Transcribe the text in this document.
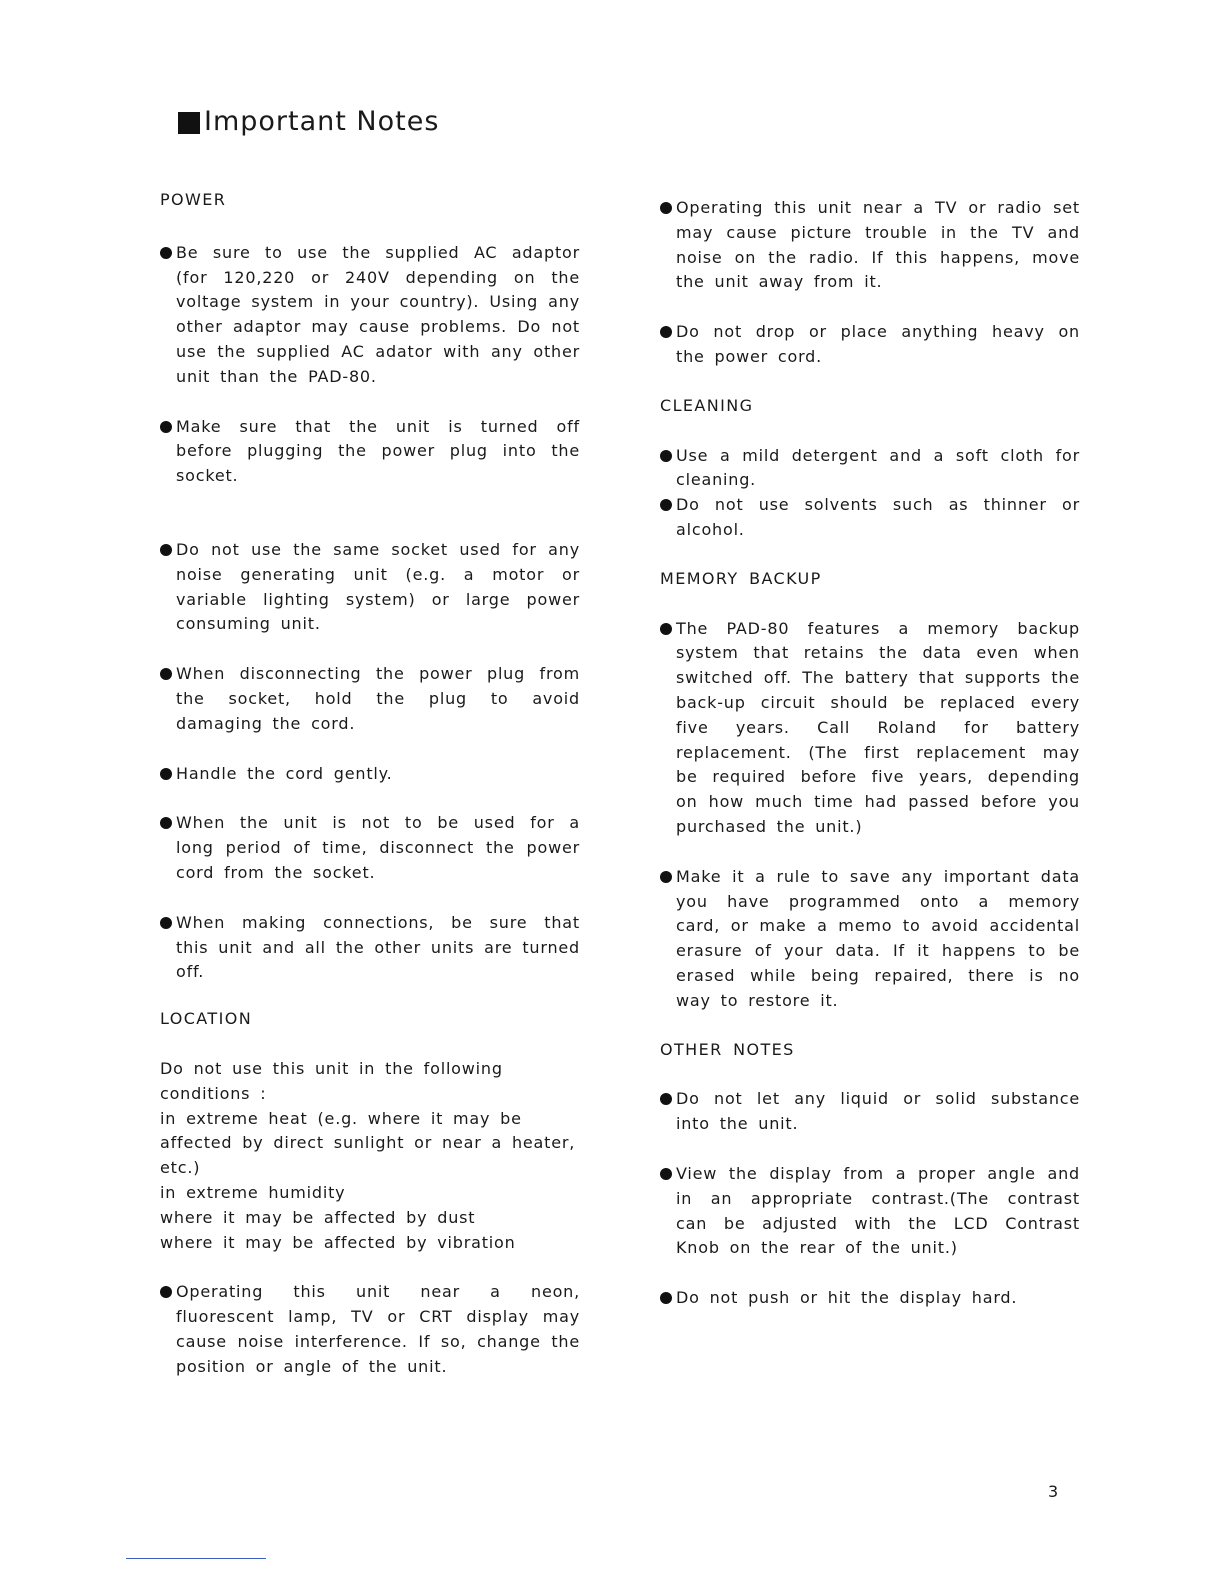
Important Notes

POWER

Be sure to use the supplied AC adaptor (for 120,220 or 240V depending on the voltage system in your country). Using any other adaptor may cause problems. Do not use the supplied AC adator with any other unit than the PAD-80.

Make sure that the unit is turned off before plugging the power plug into the socket.

Do not use the same socket used for any noise generating unit (e.g. a motor or variable lighting system) or large power consuming unit.

When disconnecting the power plug from the socket, hold the plug to avoid damaging the cord.

Handle the cord gently.

When the unit is not to be used for a long period of time, disconnect the power cord from the socket.

When making connections, be sure that this unit and all the other units are turned off.

LOCATION

Do not use this unit in the following conditions :

in extreme heat (e.g. where it may be affected by direct sunlight or near a heater, etc.)

in extreme humidity

where it may be affected by dust

where it may be affected by vibration

Operating this unit near a neon, fluorescent lamp, TV or CRT display may cause noise interference. If so, change the position or angle of the unit.

Operating this unit near a TV or radio set may cause picture trouble in the TV and noise on the radio. If this happens, move the unit away from it.

Do not drop or place anything heavy on the power cord.

CLEANING

Use a mild detergent and a soft cloth for cleaning.

Do not use solvents such as thinner or alcohol.

MEMORY BACKUP

The PAD-80 features a memory backup system that retains the data even when switched off. The battery that supports the back-up circuit should be replaced every five years. Call Roland for battery replacement. (The first replacement may be required before five years, depending on how much time had passed before you purchased the unit.)

Make it a rule to save any important data you have programmed onto a memory card, or make a memo to avoid accidental erasure of your data. If it happens to be erased while being repaired, there is no way to restore it.

OTHER NOTES

Do not let any liquid or solid substance into the unit.

View the display from a proper angle and in an appropriate contrast.(The contrast can be adjusted with the LCD Contrast Knob on the rear of the unit.)

Do not push or hit the display hard.

3
